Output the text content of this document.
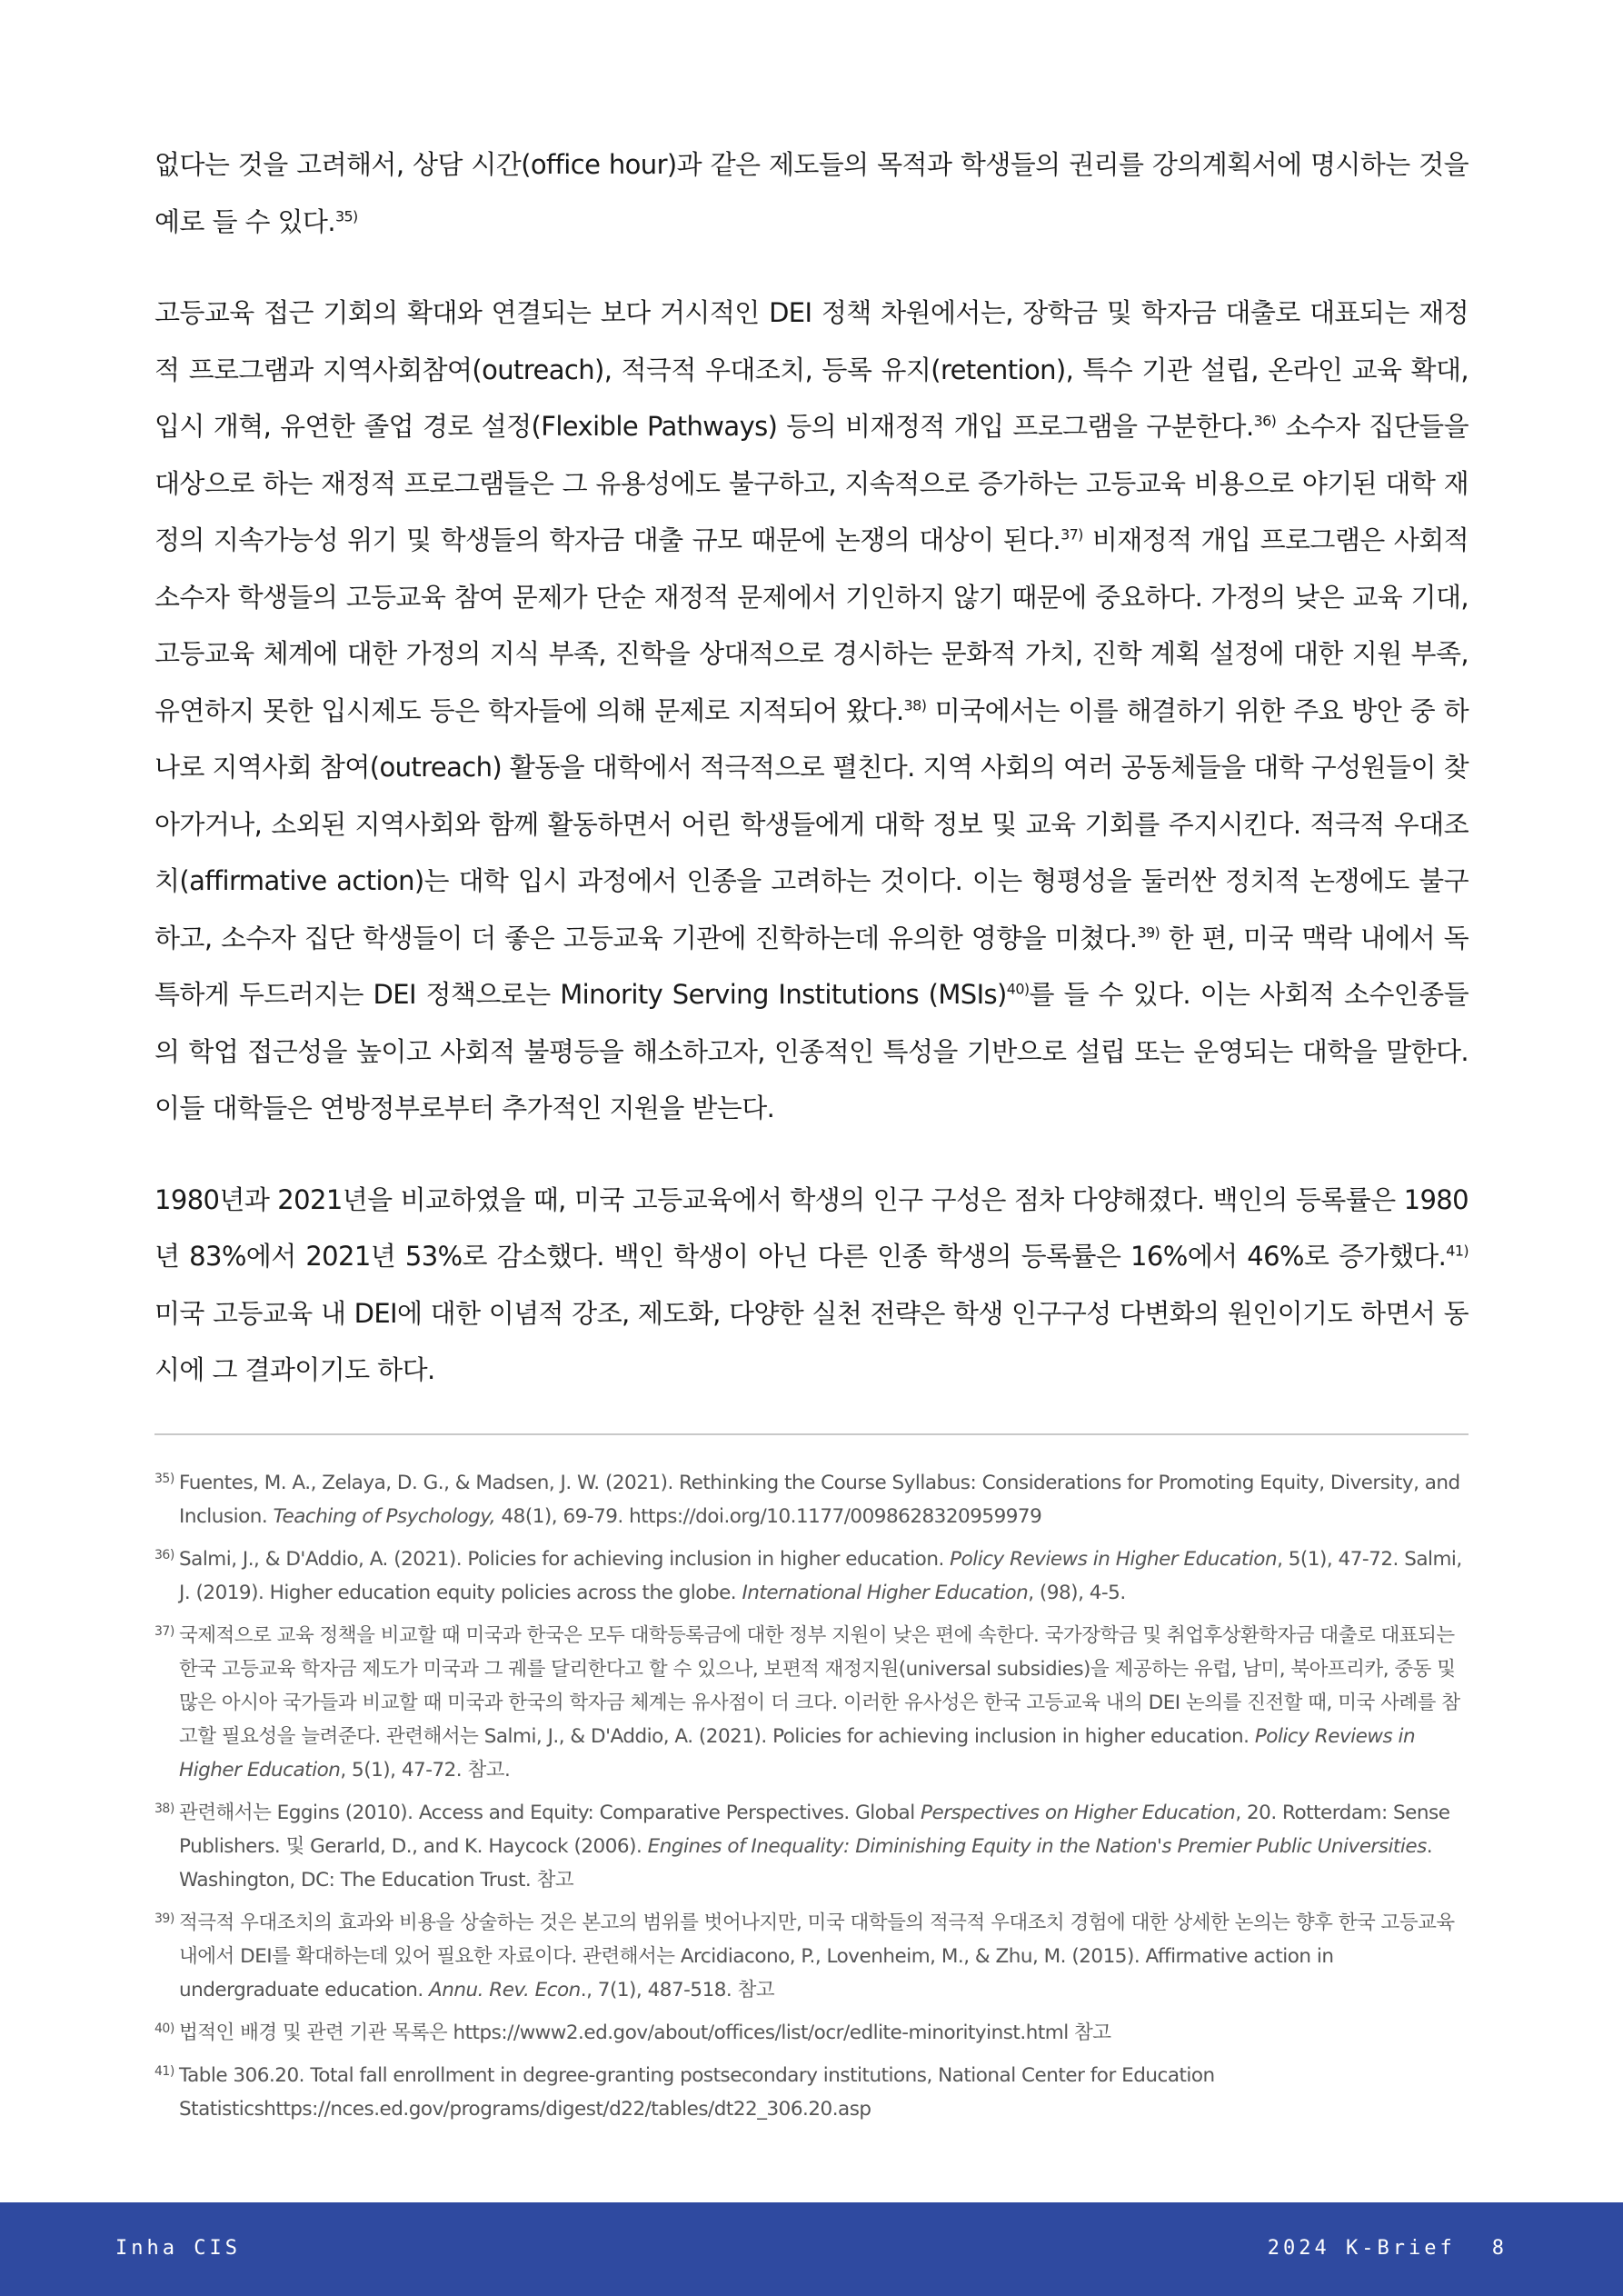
없다는 것을 고려해서, 상담 시간(office hour)과 같은 제도들의 목적과 학생들의 권리를 강의계획서에 명시하는 것을 예로 들 수 있다.$^{35)}$

고등교육 접근 기회의 확대와 연결되는 보다 거시적인 DEI 정책 차원에서는, 장학금 및 학자금 대출로 대표되는 재정적 프로그램과 지역사회참여(outreach), 적극적 우대조치, 등록 유지(retention), 특수 기관 설립, 온라인 교육 확대, 입시 개혁, 유연한 졸업 경로 설정(Flexible Pathways) 등의 비재정적 개입 프로그램을 구분한다.$^{36)}$ 소수자 집단들을 대상으로 하는 재정적 프로그램들은 그 유용성에도 불구하고, 지속적으로 증가하는 고등교육 비용으로 야기된 대학 재정의 지속가능성 위기 및 학생들의 학자금 대출 규모 때문에 논쟁의 대상이 된다.$^{37)}$ 비재정적 개입 프로그램은 사회적 소수자 학생들의 고등교육 참여 문제가 단순 재정적 문제에서 기인하지 않기 때문에 중요하다. 가정의 낮은 교육 기대, 고등교육 체계에 대한 가정의 지식 부족, 진학을 상대적으로 경시하는 문화적 가치, 진학 계획 설정에 대한 지원 부족, 유연하지 못한 입시제도 등은 학자들에 의해 문제로 지적되어 왔다.$^{38)}$ 미국에서는 이를 해결하기 위한 주요 방안 중 하나로 지역사회 참여(outreach) 활동을 대학에서 적극적으로 펼친다. 지역 사회의 여러 공동체들을 대학 구성원들이 찾아가거나, 소외된 지역사회와 함께 활동하면서 어린 학생들에게 대학 정보 및 교육 기회를 주지시킨다. 적극적 우대조치(affirmative action)는 대학 입시 과정에서 인종을 고려하는 것이다. 이는 형평성을 둘러싼 정치적 논쟁에도 불구하고, 소수자 집단 학생들이 더 좋은 고등교육 기관에 진학하는데 유의한 영향을 미쳤다.$^{39)}$ 한 편, 미국 맥락 내에서 독특하게 두드러지는 DEI 정책으로는 Minority Serving Institutions (MSIs)$^{40)}$를 들 수 있다. 이는 사회적 소수인종들의 학업 접근성을 높이고 사회적 불평등을 해소하고자, 인종적인 특성을 기반으로 설립 또는 운영되는 대학을 말한다. 이들 대학들은 연방정부로부터 추가적인 지원을 받는다.

1980년과 2021년을 비교하였을 때, 미국 고등교육에서 학생의 인구 구성은 점차 다양해졌다. 백인의 등록률은 1980년 83%에서 2021년 53%로 감소했다. 백인 학생이 아닌 다른 인종 학생의 등록률은 16%에서 46%로 증가했다.$^{41)}$ 미국 고등교육 내 DEI에 대한 이념적 강조, 제도화, 다양한 실천 전략은 학생 인구구성 다변화의 원인이기도 하면서 동시에 그 결과이기도 하다.

35) Fuentes, M. A., Zelaya, D. G., & Madsen, J. W. (2021). Rethinking the Course Syllabus: Considerations for Promoting Equity, Diversity, and Inclusion. Teaching of Psychology, 48(1), 69-79. https://doi.org/10.1177/0098628320959979
36) Salmi, J., & D'Addio, A. (2021). Policies for achieving inclusion in higher education. Policy Reviews in Higher Education, 5(1), 47-72. Salmi, J. (2019). Higher education equity policies across the globe. International Higher Education, (98), 4-5.
37) 국제적으로 교육 정책을 비교할 때 미국과 한국은 모두 대학등록금에 대한 정부 지원이 낮은 편에 속한다. 국가장학금 및 취업후상환학자금 대출로 대표되는 한국 고등교육 학자금 제도가 미국과 그 궤를 달리한다고 할 수 있으나, 보편적 재정지원(universal subsidies)을 제공하는 유럽, 남미, 북아프리카, 중동 및 많은 아시아 국가들과 비교할 때 미국과 한국의 학자금 체계는 유사점이 더 크다. 이러한 유사성은 한국 고등교육 내의 DEI 논의를 진전할 때, 미국 사례를 참고할 필요성을 늘려준다. 관련해서는 Salmi, J., & D'Addio, A. (2021). Policies for achieving inclusion in higher education. Policy Reviews in Higher Education, 5(1), 47-72. 참고.
38) 관련해서는 Eggins (2010). Access and Equity: Comparative Perspectives. Global Perspectives on Higher Education, 20. Rotterdam: Sense Publishers. 및 Gerarld, D., and K. Haycock (2006). Engines of Inequality: Diminishing Equity in the Nation's Premier Public Universities. Washington, DC: The Education Trust. 참고
39) 적극적 우대조치의 효과와 비용을 상술하는 것은 본고의 범위를 벗어나지만, 미국 대학들의 적극적 우대조치 경험에 대한 상세한 논의는 향후 한국 고등교육 내에서 DEI를 확대하는데 있어 필요한 자료이다. 관련해서는 Arcidiacono, P., Lovenheim, M., & Zhu, M. (2015). Affirmative action in undergraduate education. Annu. Rev. Econ., 7(1), 487-518. 참고
40) 법적인 배경 및 관련 기관 목록은 https://www2.ed.gov/about/offices/list/ocr/edlite-minorityinst.html 참고
41) Table 306.20. Total fall enrollment in degree-granting postsecondary institutions, National Center for Education Statisticshttps://nces.ed.gov/programs/digest/d22/tables/dt22_306.20.asp
Inha CIS	2024 K-Brief 8
